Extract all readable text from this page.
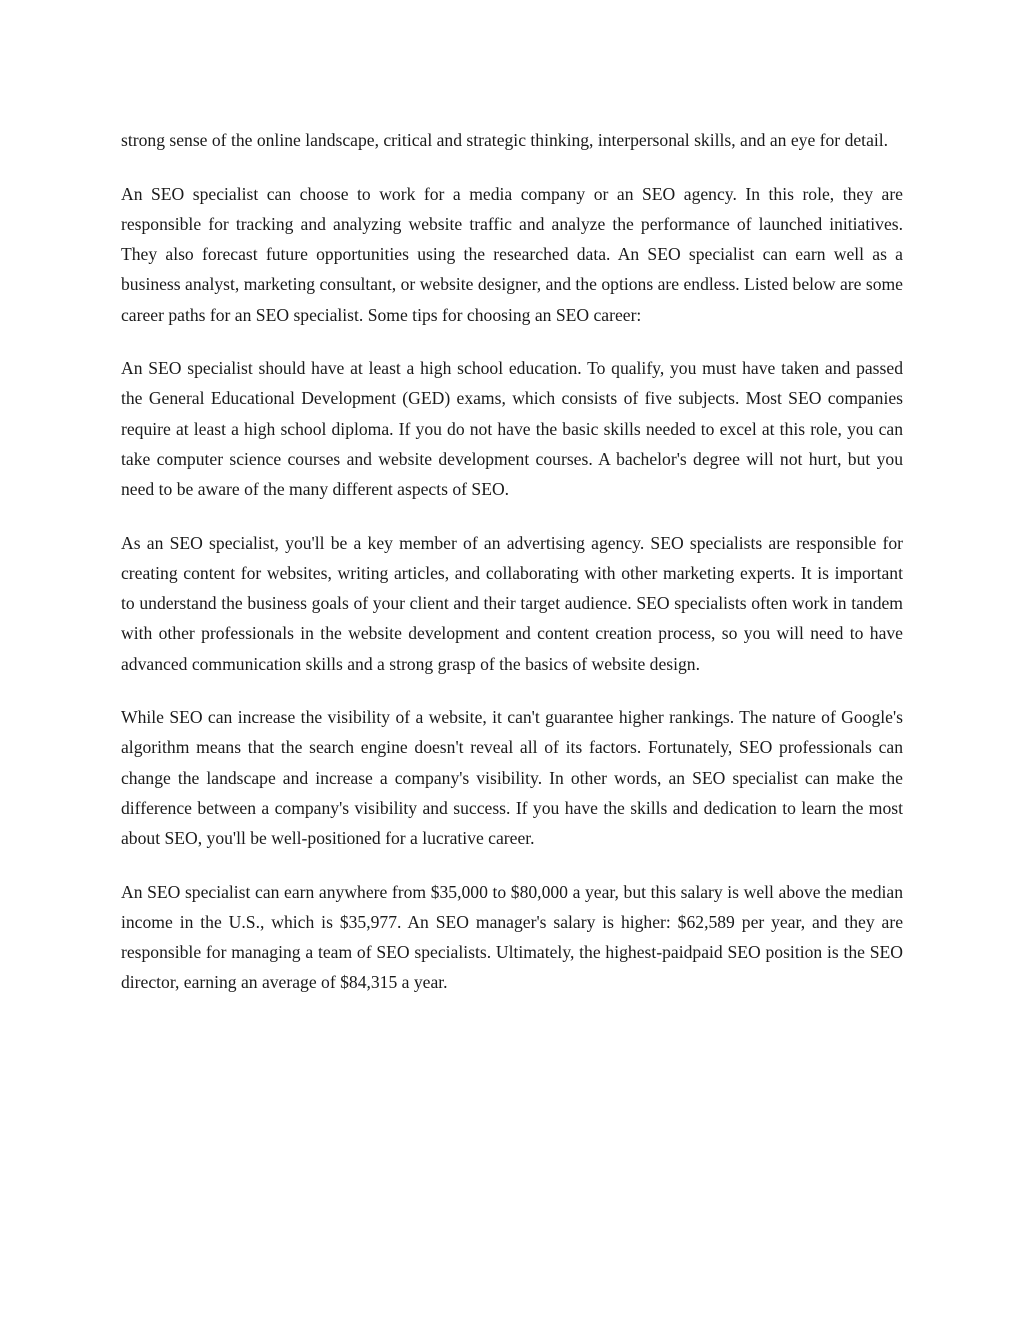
strong sense of the online landscape, critical and strategic thinking, interpersonal skills, and an eye for detail.

An SEO specialist can choose to work for a media company or an SEO agency. In this role, they are responsible for tracking and analyzing website traffic and analyze the performance of launched initiatives. They also forecast future opportunities using the researched data. An SEO specialist can earn well as a business analyst, marketing consultant, or website designer, and the options are endless. Listed below are some career paths for an SEO specialist. Some tips for choosing an SEO career:

An SEO specialist should have at least a high school education. To qualify, you must have taken and passed the General Educational Development (GED) exams, which consists of five subjects. Most SEO companies require at least a high school diploma. If you do not have the basic skills needed to excel at this role, you can take computer science courses and website development courses. A bachelor's degree will not hurt, but you need to be aware of the many different aspects of SEO.

As an SEO specialist, you'll be a key member of an advertising agency. SEO specialists are responsible for creating content for websites, writing articles, and collaborating with other marketing experts. It is important to understand the business goals of your client and their target audience. SEO specialists often work in tandem with other professionals in the website development and content creation process, so you will need to have advanced communication skills and a strong grasp of the basics of website design.

While SEO can increase the visibility of a website, it can't guarantee higher rankings. The nature of Google's algorithm means that the search engine doesn't reveal all of its factors. Fortunately, SEO professionals can change the landscape and increase a company's visibility. In other words, an SEO specialist can make the difference between a company's visibility and success. If you have the skills and dedication to learn the most about SEO, you'll be well-positioned for a lucrative career.

An SEO specialist can earn anywhere from $35,000 to $80,000 a year, but this salary is well above the median income in the U.S., which is $35,977. An SEO manager's salary is higher: $62,589 per year, and they are responsible for managing a team of SEO specialists. Ultimately, the highest-paidpaid SEO position is the SEO director, earning an average of $84,315 a year.
